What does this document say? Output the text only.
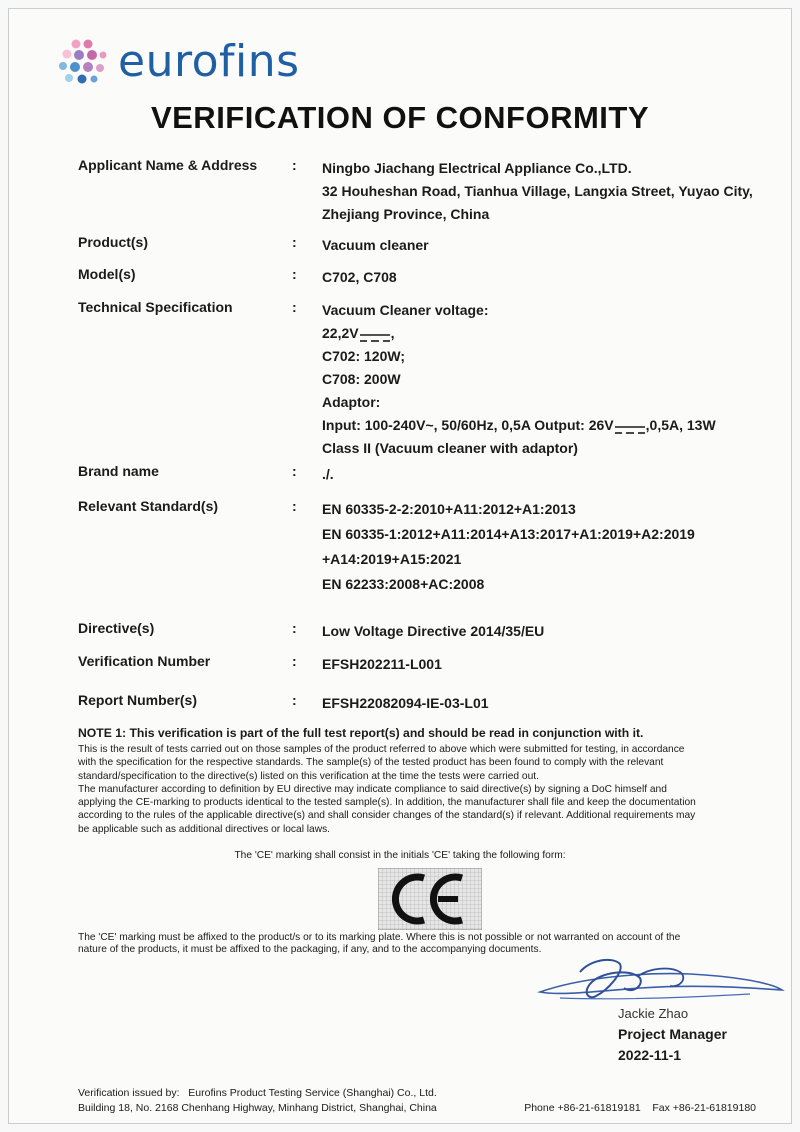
eurofins
VERIFICATION OF CONFORMITY
Applicant Name & Address : Ningbo Jiachang Electrical Appliance Co.,LTD.
32 Houheshan Road, Tianhua Village, Langxia Street, Yuyao City,
Zhejiang Province, China
Product(s)	: Vacuum cleaner
Model(s)	: C702, C708
Technical Specification	: Vacuum Cleaner voltage:
22,2V ,
C702: 120W;
C708: 200W
Adaptor:
Input: 100-240V~, 50/60Hz, 0,5A Output: 26V ,0,5A, 13W
Class II (Vacuum cleaner with adaptor)
Brand name	: ./.
Relevant Standard(s)	: EN 60335-2-2:2010+A11:2012+A1:2013
EN 60335-1:2012+A11:2014+A13:2017+A1:2019+A2:2019
+A14:2019+A15:2021
EN 62233:2008+AC:2008
Directive(s)	: Low Voltage Directive 2014/35/EU
Verification Number	: EFSH202211-L001
Report Number(s)	: EFSH22082094-IE-03-L01
NOTE 1: This verification is part of the full test report(s) and should be read in conjunction with it.
This is the result of tests carried out on those samples of the product referred to above which were submitted for testing, in accordance
with the specification for the respective standards. The sample(s) of the tested product has been found to comply with the relevant
standard/specification to the directive(s) listed on this verification at the time the tests were carried out.
The manufacturer according to definition by EU directive may indicate compliance to said directive(s) by signing a DoC himself and
applying the CE-marking to products identical to the tested sample(s). In addition, the manufacturer shall file and keep the documentation
according to the rules of the applicable directive(s) and shall consider changes of the standard(s) if relevant. Additional requirements may
be applicable such as additional directives or local laws.
The 'CE' marking shall consist in the initials 'CE' taking the following form:
The 'CE' marking must be affixed to the product/s or to its marking plate. Where this is not possible or not warranted on account of the
nature of the products, it must be affixed to the packaging, if any, and to the accompanying documents.
Jackie Zhao
Project Manager
2022-11-1
Verification issued by:   Eurofins Product Testing Service (Shanghai) Co., Ltd.
Building 18, No. 2168 Chenhang Highway, Minhang District, Shanghai, China	Phone +86-21-61819181 Fax +86-21-61819180
